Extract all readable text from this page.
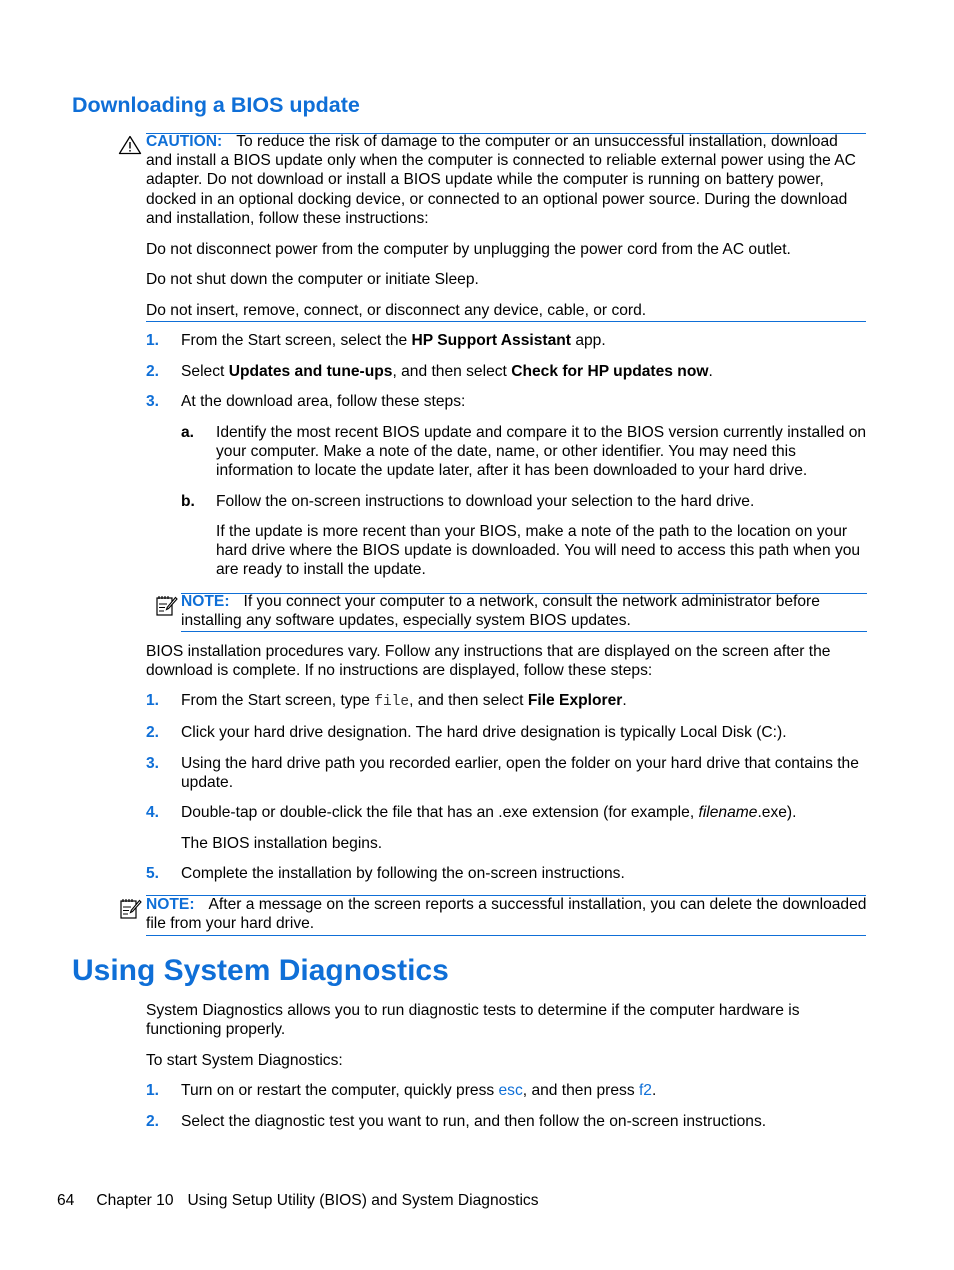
Downloading a BIOS update
CAUTION: To reduce the risk of damage to the computer or an unsuccessful installation, download and install a BIOS update only when the computer is connected to reliable external power using the AC adapter. Do not download or install a BIOS update while the computer is running on battery power, docked in an optional docking device, or connected to an optional power source. During the download and installation, follow these instructions:
Do not disconnect power from the computer by unplugging the power cord from the AC outlet.
Do not shut down the computer or initiate Sleep.
Do not insert, remove, connect, or disconnect any device, cable, or cord.
1.	From the Start screen, select the HP Support Assistant app.
2.	Select Updates and tune-ups, and then select Check for HP updates now.
3.	At the download area, follow these steps:
a.	Identify the most recent BIOS update and compare it to the BIOS version currently installed on your computer. Make a note of the date, name, or other identifier. You may need this information to locate the update later, after it has been downloaded to your hard drive.
b.	Follow the on-screen instructions to download your selection to the hard drive.
If the update is more recent than your BIOS, make a note of the path to the location on your hard drive where the BIOS update is downloaded. You will need to access this path when you are ready to install the update.
NOTE: If you connect your computer to a network, consult the network administrator before installing any software updates, especially system BIOS updates.
BIOS installation procedures vary. Follow any instructions that are displayed on the screen after the download is complete. If no instructions are displayed, follow these steps:
1.	From the Start screen, type file, and then select File Explorer.
2.	Click your hard drive designation. The hard drive designation is typically Local Disk (C:).
3.	Using the hard drive path you recorded earlier, open the folder on your hard drive that contains the update.
4.	Double-tap or double-click the file that has an .exe extension (for example, filename.exe).
The BIOS installation begins.
5.	Complete the installation by following the on-screen instructions.
NOTE: After a message on the screen reports a successful installation, you can delete the downloaded file from your hard drive.
Using System Diagnostics
System Diagnostics allows you to run diagnostic tests to determine if the computer hardware is functioning properly.
To start System Diagnostics:
1.	Turn on or restart the computer, quickly press esc, and then press f2.
2.	Select the diagnostic test you want to run, and then follow the on-screen instructions.
64 Chapter 10 Using Setup Utility (BIOS) and System Diagnostics
